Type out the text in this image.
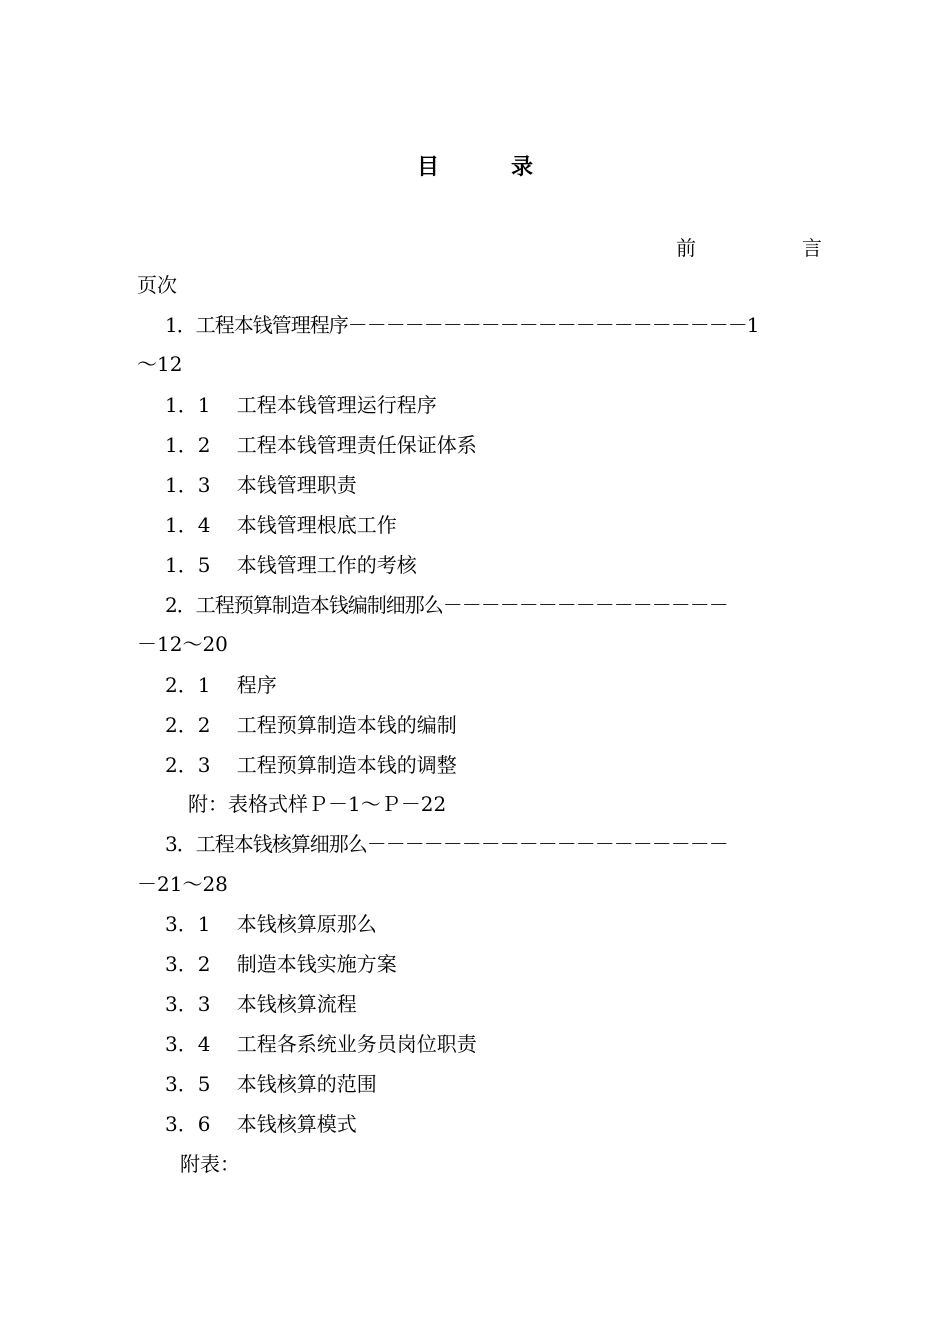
目	录
前	言
页次
1．工程本钱管理程序－－－－－－－－－－－－－－－－－－－－－1
～12
1．1　 工程本钱管理运行程序
1．2　 工程本钱管理责任保证体系
1．3　 本钱管理职责
1．4　 本钱管理根底工作
1．5　 本钱管理工作的考核
2．工程预算制造本钱编制细那么－－－－－－－－－－－－－－－
－12～20
2．1　 程序
2．2　 工程预算制造本钱的编制
2．3　 工程预算制造本钱的调整
附：表格式样Ｐ－1～Ｐ－22
3．工程本钱核算细那么－－－－－－－－－－－－－－－－－－－
－21～28
3．1　 本钱核算原那么
3．2　 制造本钱实施方案
3．3　 本钱核算流程
3．4　 工程各系统业务员岗位职责
3．5　 本钱核算的范围
3．6　 本钱核算模式
附表：
